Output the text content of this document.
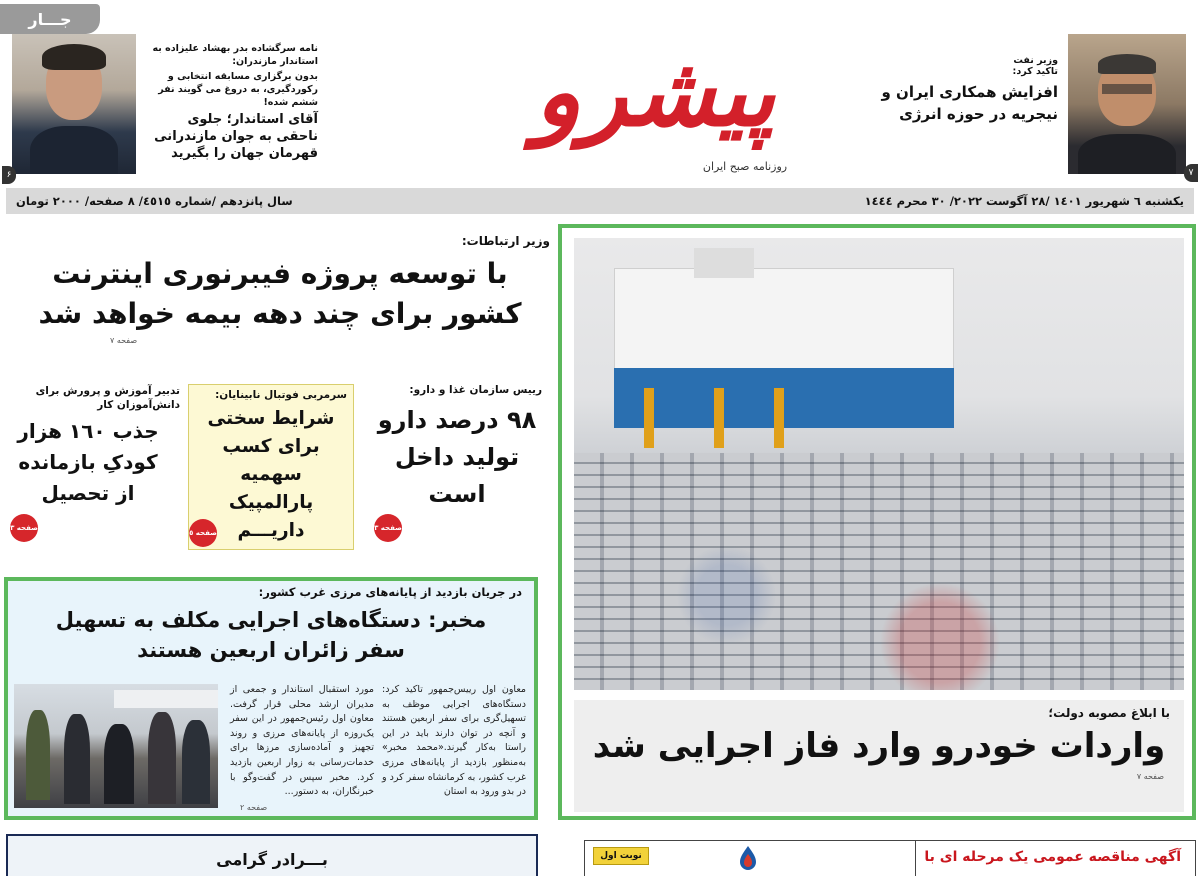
جـــار
۶
نامه سرگشاده بدر بهشاد علیزاده به استاندار مازندران:
بدون برگزاری مسابقه انتخابی و رکوردگیری، به دروغ می گویند نفر ششم شده!
آقای استاندار؛ جلوی ناحقی به جوان مازندرانی قهرمان جهان را بگیرید
پیشرو
روزنامه صبح ایران
وزیر نفت
تاکید کرد:
افزایش همکاری ایران و نیجریه در حوزه انرژی
۷
یکشنبه ٦ شهریور ١٤٠١ /٢٨ آگوست ٢٠٢٢/ ٣٠ محرم ١٤٤٤
سال پانزدهم /شماره ٤٥١٥/ ٨ صفحه/ ٢٠٠٠ تومان
با ابلاغ مصوبه دولت؛
واردات خودرو وارد فاز اجرایی شد
صفحه ٧
وزیر ارتباطات:
با توسعه پروژه فیبرنوری اینترنت کشور برای چند دهه بیمه خواهد شد
صفحه ٧
رییس سازمان غذا و دارو:
٩٨ درصد دارو تولید داخل است
صفحه ٣
سرمربی فوتبال نابینایان:
شرایط سختی برای کسب سهمیه پارالمپیک داریـــم
صفحه ٥
تدبیر آموزش و پرورش برای دانش‌آموزان کار
جذب ١٦٠ هزار کودکِ بازمانده از تحصیل
صفحه ٣
در جریان بازدید از پایانه‌های مرزی غرب کشور:
مخبر: دستگاه‌های اجرایی مکلف به تسهیل سفر زائران اربعین هستند
معاون اول رییس‌جمهور تاکید کرد: دستگاه‌های اجرایی موظف به تسهیل‌گری برای سفر اربعین هستند و آنچه در توان دارند باید در این راستا به‌کار گیرند.«محمد مخبر» به‌منظور بازدید از پایانه‌های مرزی غرب کشور، به کرمانشاه سفر کرد و در بدو ورود به استان
مورد استقبال استاندار و جمعی از مدیران ارشد محلی قرار گرفت. معاون اول رئیس‌جمهور در این سفر یک‌روزه از پایانه‌های مرزی و روند تجهیز و آماده‌سازی مرزها برای خدمات‌رسانی به زوار اربعین بازدید کرد. مخبر سپس در گفت‌وگو با خبرنگاران، به دستور...
صفحه ٢
بـــرادر گرامی	نوبت اول	آگهی مناقصه عمومی یک مرحله ای با
